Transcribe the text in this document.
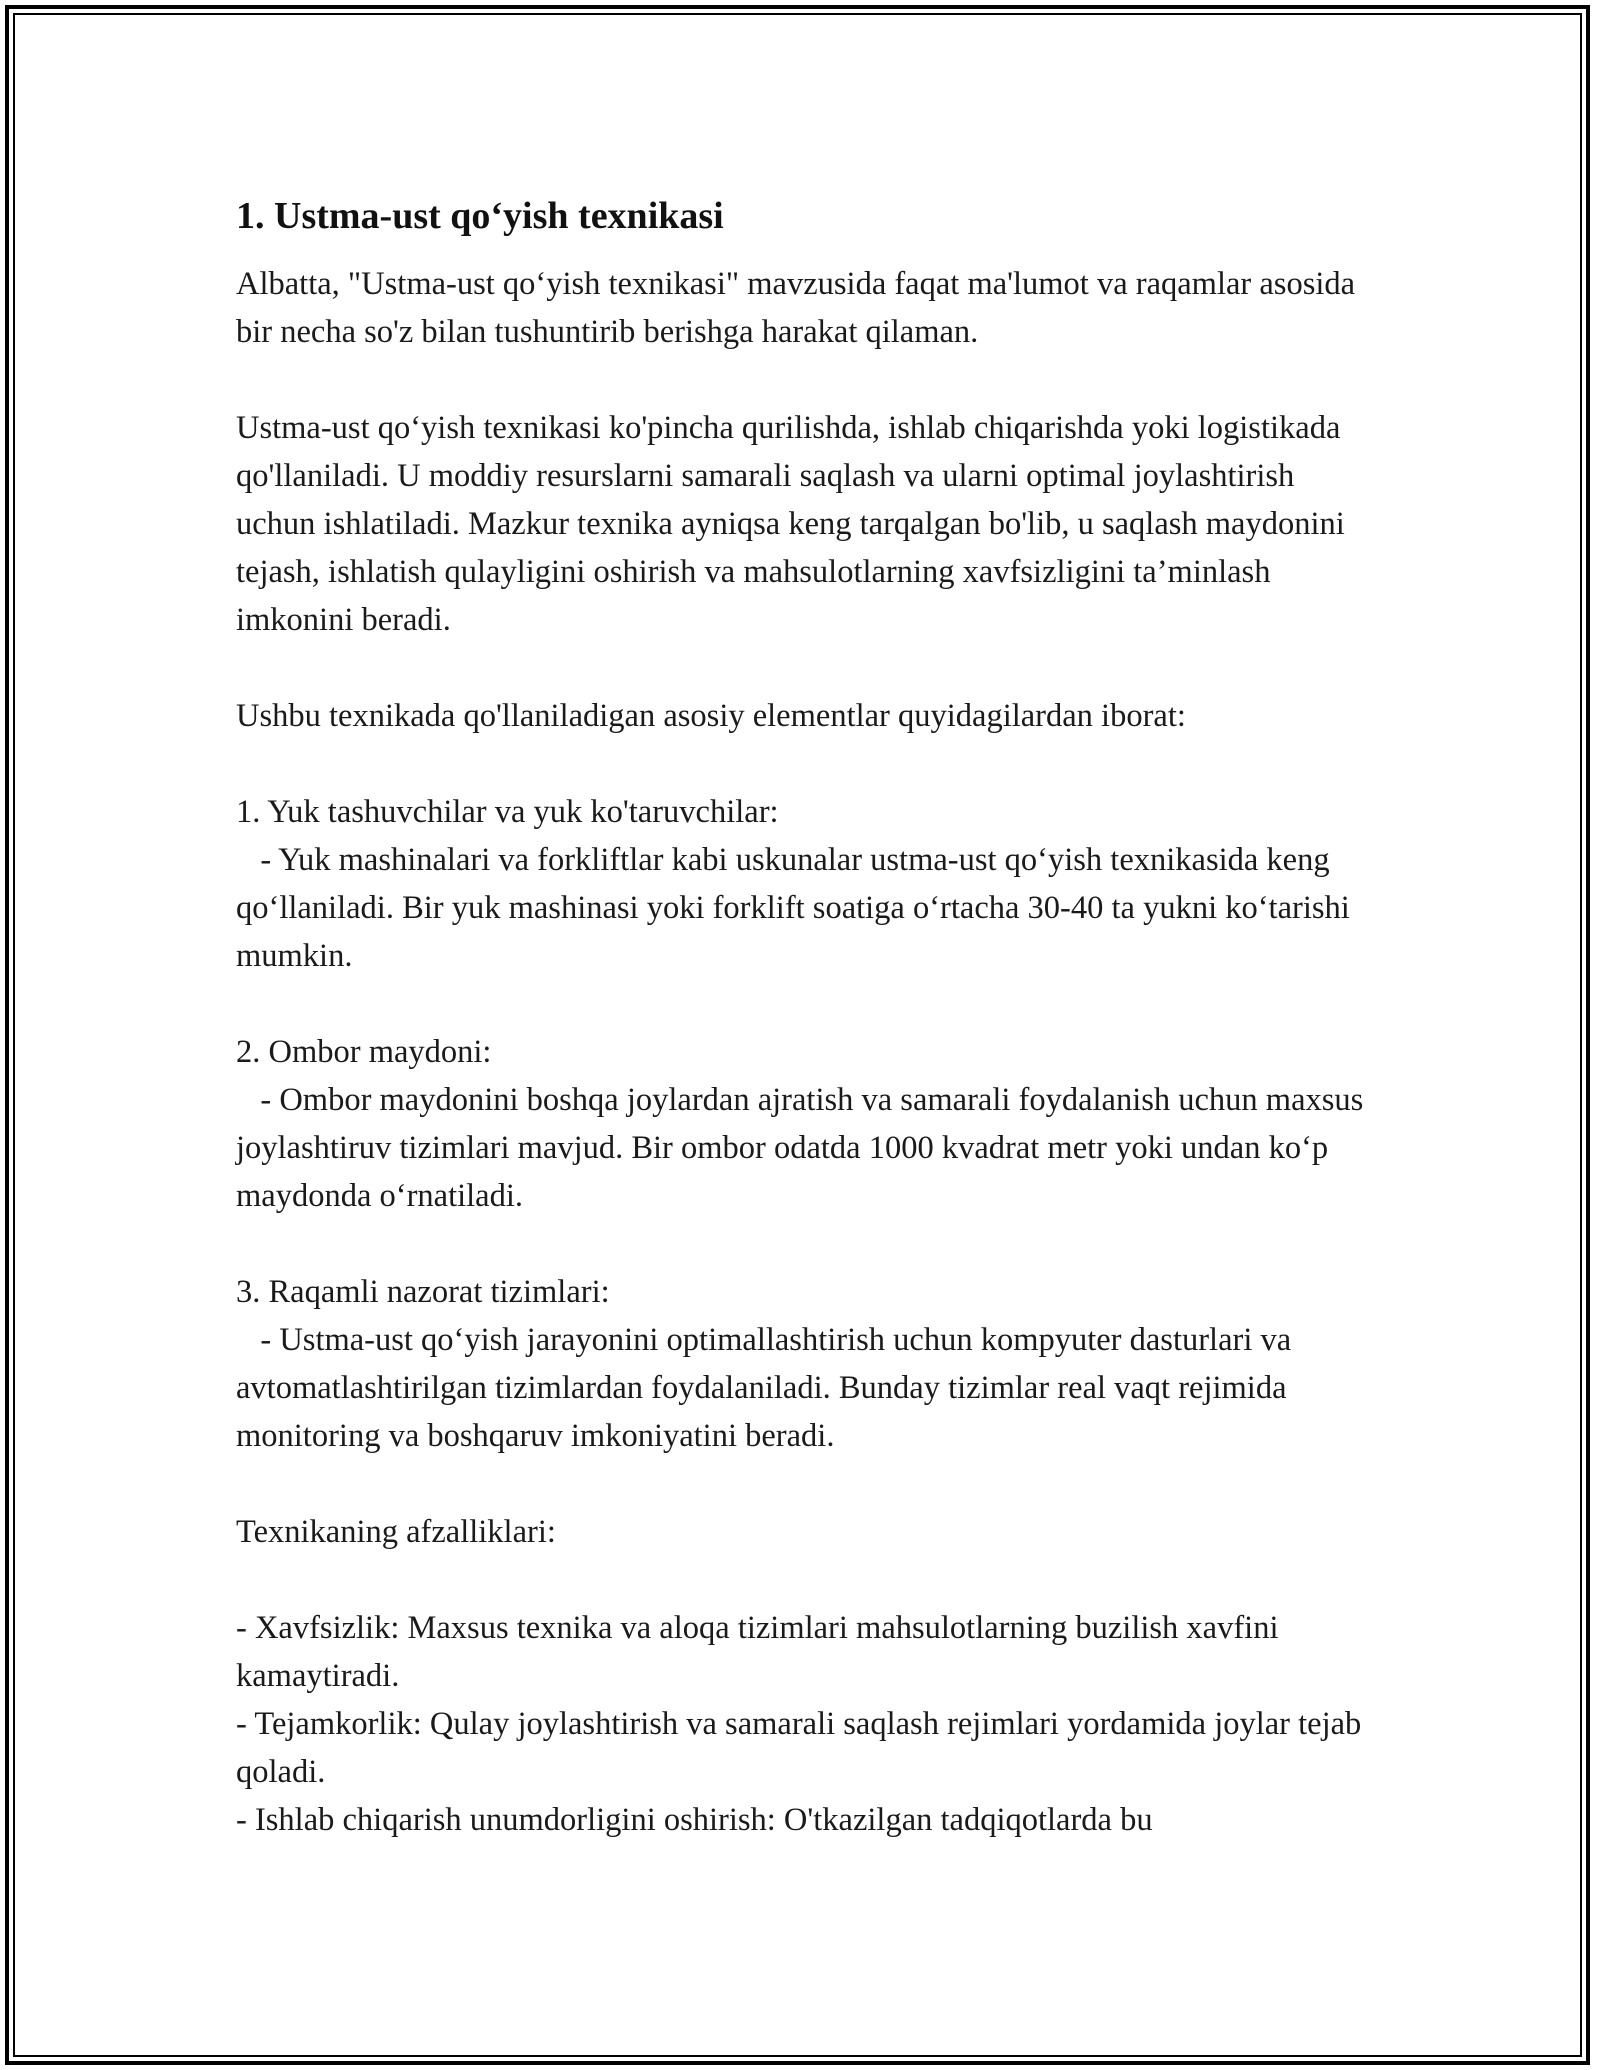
1. Ustma-ust qo‘yish texnikasi

Albatta, "Ustma-ust qo‘yish texnikasi" mavzusida faqat ma'lumot va raqamlar asosida bir necha so'z bilan tushuntirib berishga harakat qilaman.

Ustma-ust qo‘yish texnikasi ko'pincha qurilishda, ishlab chiqarishda yoki logistikada qo'llaniladi. U moddiy resurslarni samarali saqlash va ularni optimal joylashtirish uchun ishlatiladi. Mazkur texnika ayniqsa keng tarqalgan bo'lib, u saqlash maydonini tejash, ishlatish qulayligini oshirish va mahsulotlarning xavfsizligini ta’minlash imkonini beradi.

Ushbu texnikada qo'llaniladigan asosiy elementlar quyidagilardan iborat:

1. Yuk tashuvchilar va yuk ko'taruvchilar:

- Yuk mashinalari va forkliftlar kabi uskunalar ustma-ust qo‘yish texnikasida keng qo‘llaniladi. Bir yuk mashinasi yoki forklift soatiga o‘rtacha 30-40 ta yukni ko‘tarishi mumkin.

2. Ombor maydoni:

- Ombor maydonini boshqa joylardan ajratish va samarali foydalanish uchun maxsus joylashtiruv tizimlari mavjud. Bir ombor odatda 1000 kvadrat metr yoki undan ko‘p maydonda o‘rnatiladi.

3. Raqamli nazorat tizimlari:

- Ustma-ust qo‘yish jarayonini optimallashtirish uchun kompyuter dasturlari va avtomatlashtirilgan tizimlardan foydalaniladi. Bunday tizimlar real vaqt rejimida monitoring va boshqaruv imkoniyatini beradi.

Texnikaning afzalliklari:

- Xavfsizlik: Maxsus texnika va aloqa tizimlari mahsulotlarning buzilish xavfini kamaytiradi.

- Tejamkorlik: Qulay joylashtirish va samarali saqlash rejimlari yordamida joylar tejab qoladi.

- Ishlab chiqarish unumdorligini oshirish: O'tkazilgan tadqiqotlarda bu
